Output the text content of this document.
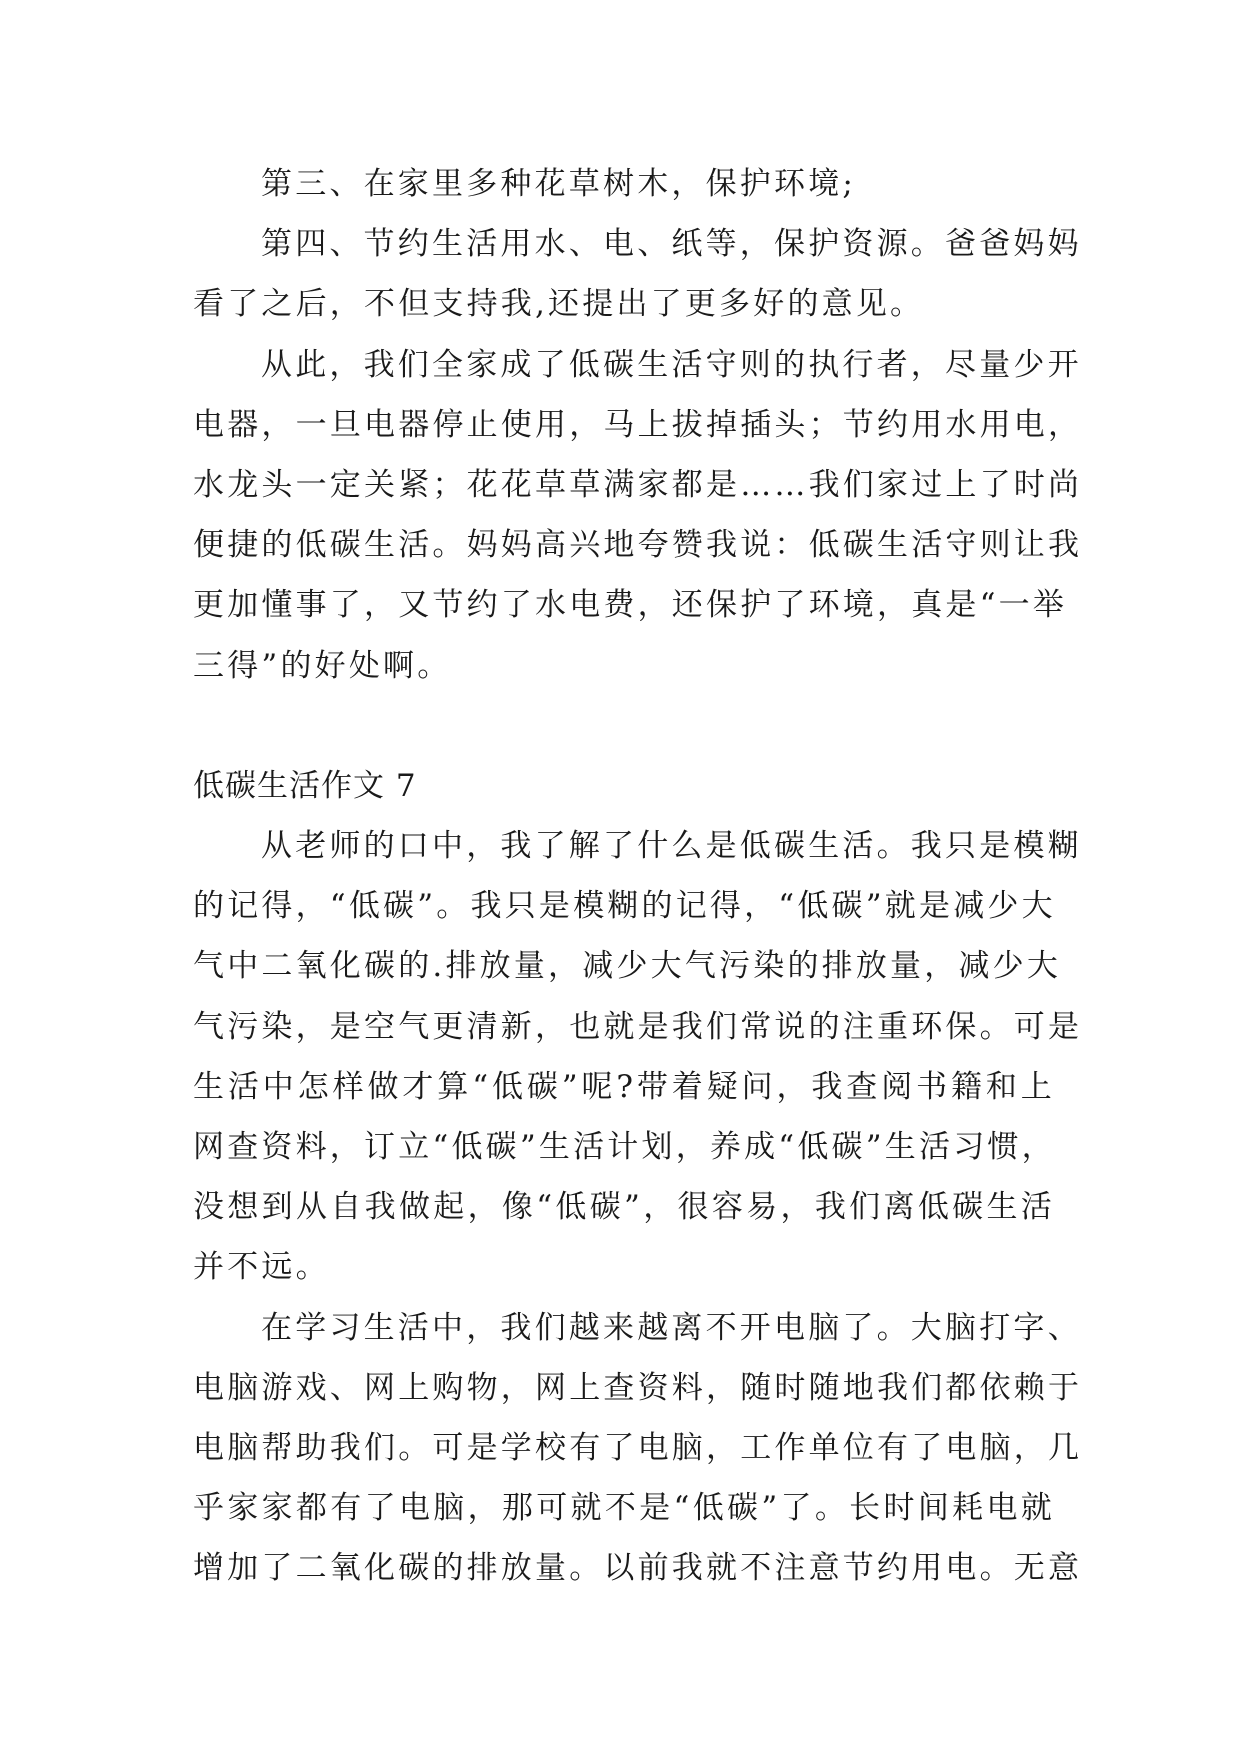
第三、在家里多种花草树木，保护环境;
第四、节约生活用水、电、纸等，保护资源。爸爸妈妈
看了之后，不但支持我,还提出了更多好的意见。
从此，我们全家成了低碳生活守则的执行者，尽量少开
电器，一旦电器停止使用，马上拔掉插头；节约用水用电，
水龙头一定关紧；花花草草满家都是……我们家过上了时尚
便捷的低碳生活。妈妈高兴地夸赞我说：低碳生活守则让我
更加懂事了，又节约了水电费，还保护了环境，真是“一举
三得”的好处啊。
低碳生活作文 7
从老师的口中，我了解了什么是低碳生活。我只是模糊
的记得，“低碳”。我只是模糊的记得，“低碳”就是减少大
气中二氧化碳的.排放量，减少大气污染的排放量，减少大
气污染，是空气更清新，也就是我们常说的注重环保。可是
生活中怎样做才算“低碳”呢?带着疑问，我查阅书籍和上
网查资料，订立“低碳”生活计划，养成“低碳”生活习惯，
没想到从自我做起，像“低碳”，很容易，我们离低碳生活
并不远。
在学习生活中，我们越来越离不开电脑了。大脑打字、
电脑游戏、网上购物，网上查资料，随时随地我们都依赖于
电脑帮助我们。可是学校有了电脑，工作单位有了电脑，几
乎家家都有了电脑，那可就不是“低碳”了。长时间耗电就
增加了二氧化碳的排放量。以前我就不注意节约用电。无意
